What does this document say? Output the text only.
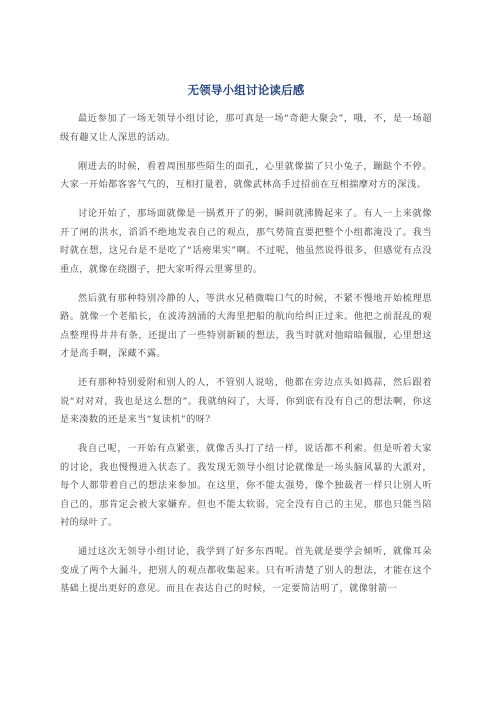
无领导小组讨论读后感

最近参加了一场无领导小组讨论，那可真是一场“奇葩大聚会”，哦，不，是一场超级有趣又让人深思的活动。

刚进去的时候，看着周围那些陌生的面孔，心里就像揣了只小兔子，蹦跶个不停。大家一开始都客客气气的，互相打量着，就像武林高手过招前在互相揣摩对方的深浅。

讨论开始了，那场面就像是一锅煮开了的粥，瞬间就沸腾起来了。有人一上来就像开了闸的洪水，滔滔不绝地发表自己的观点，那气势简直要把整个小组都淹没了。我当时就在想，这兄台是不是吃了“话痨果实”啊。不过呢，他虽然说得很多，但感觉有点没重点，就像在绕圈子，把大家听得云里雾里的。

然后就有那种特别冷静的人，等洪水兄稍微喘口气的时候，不紧不慢地开始梳理思路。就像一个老船长，在波涛汹涌的大海里把船的航向给纠正过来。他把之前混乱的观点整理得井井有条，还提出了一些特别新颖的想法，我当时就对他暗暗佩服，心里想这才是高手啊，深藏不露。

还有那种特别爱附和别人的人，不管别人说啥，他都在旁边点头如捣蒜，然后跟着说“对对对，我也是这么想的”。我就纳闷了，大哥，你到底有没有自己的想法啊，你这是来凑数的还是来当“复读机”的呀？

我自己呢，一开始有点紧张，就像舌头打了结一样，说话都不利索。但是听着大家的讨论，我也慢慢进入状态了。我发现无领导小组讨论就像是一场头脑风暴的大派对，每个人都带着自己的想法来参加。在这里，你不能太强势，像个独裁者一样只让别人听自己的，那肯定会被大家嫌弃。但也不能太软弱，完全没有自己的主见，那也只能当陪衬的绿叶了。

通过这次无领导小组讨论，我学到了好多东西呢。首先就是要学会倾听，就像耳朵变成了两个大漏斗，把别人的观点都收集起来。只有听清楚了别人的想法，才能在这个基础上提出更好的意见。而且在表达自己的时候，一定要简洁明了，就像射箭一
